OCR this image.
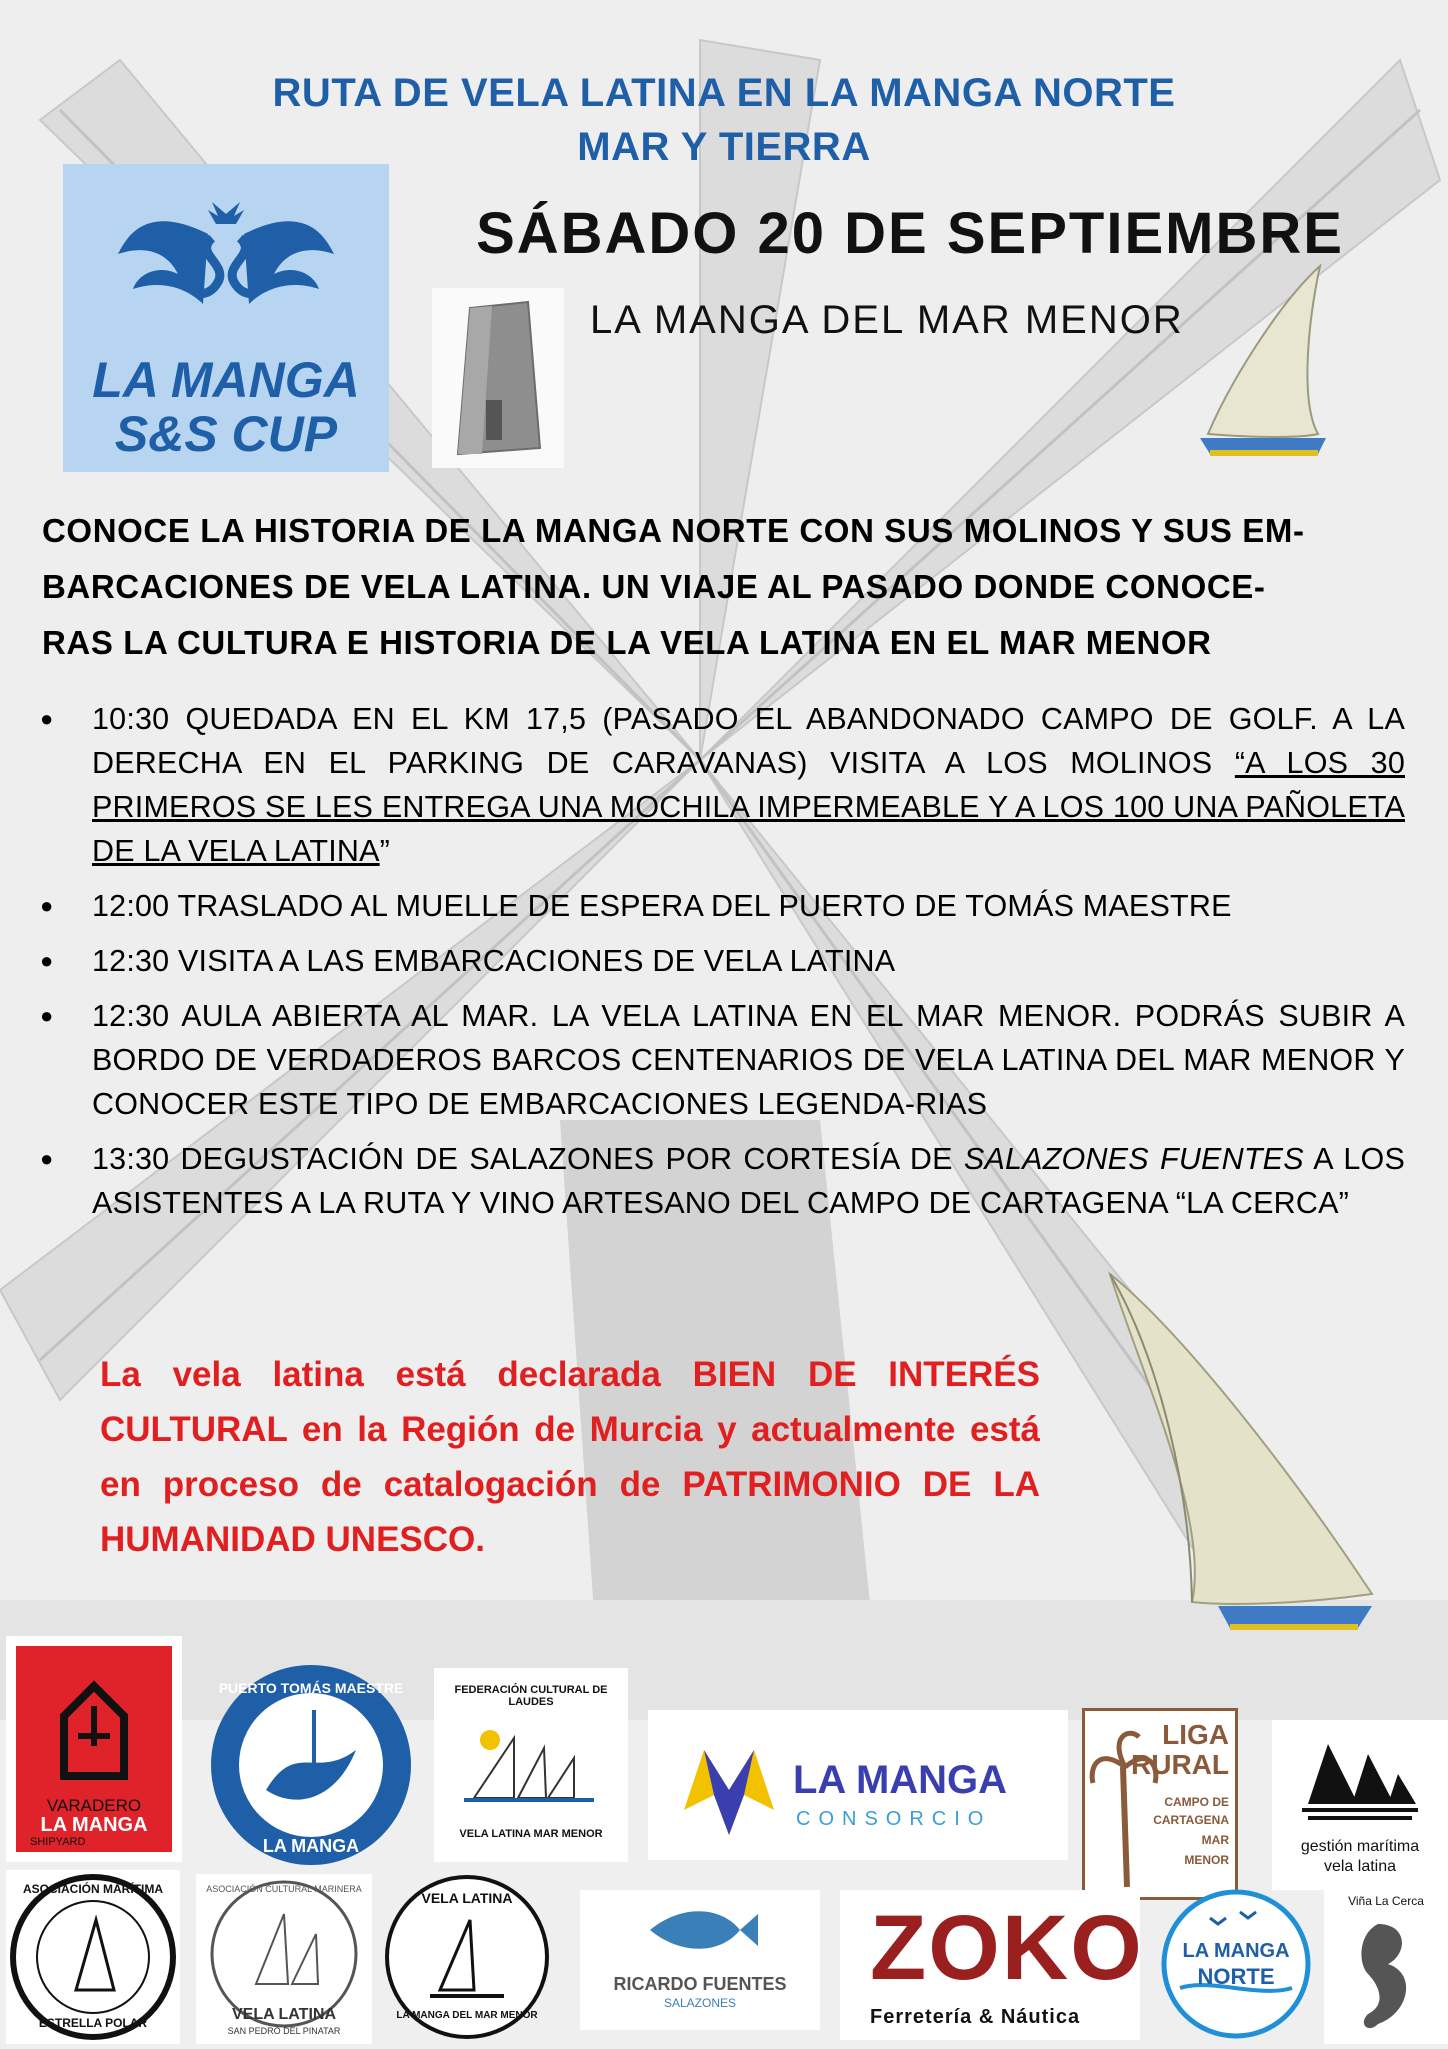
RUTA DE VELA LATINA EN LA MANGA NORTE
MAR Y TIERRA
LA MANGA
S&S CUP
SÁBADO 20 DE SEPTIEMBRE
LA MANGA DEL MAR MENOR
CONOCE LA HISTORIA DE LA MANGA NORTE CON SUS MOLINOS Y SUS EM-
BARCACIONES DE VELA LATINA. UN VIAJE AL PASADO DONDE CONOCE-
RAS LA CULTURA E HISTORIA DE LA VELA LATINA EN EL MAR MENOR
● 10:30 QUEDADA EN EL KM 17,5 (PASADO EL ABANDONADO CAMPO DE GOLF. A LA DERECHA EN EL PARKING DE CARAVANAS) VISITA A LOS MOLINOS “A LOS 30 PRIMEROS SE LES ENTREGA UNA MOCHILA IMPERMEABLE Y A LOS 100 UNA PAÑOLETA DE LA VELA LATINA”
● 12:00 TRASLADO AL MUELLE DE ESPERA DEL PUERTO DE TOMÁS MAESTRE
● 12:30 VISITA A LAS EMBARCACIONES DE VELA LATINA
● 12:30 AULA ABIERTA AL MAR. LA VELA LATINA EN EL MAR MENOR. PODRÁS SUBIR A BORDO DE VERDADEROS BARCOS CENTENARIOS DE VELA LATINA DEL MAR MENOR Y CONOCER ESTE TIPO DE EMBARCACIONES LEGENDA-RIAS
● 13:30 DEGUSTACIÓN DE SALAZONES POR CORTESÍA DE SALAZONES FUENTES A LOS ASISTENTES A LA RUTA Y VINO ARTESANO DEL CAMPO DE CARTAGENA “LA CERCA”
La vela latina está declarada BIEN DE INTERÉS CULTURAL en la Región de Murcia y actualmente está en proceso de catalogación de PATRIMONIO DE LA HUMANIDAD UNESCO.
VARADERO
LA MANGA
SHIPYARD
PUERTO TOMÁS MAESTRE
LA MANGA
FEDERACIÓN CULTURAL DE LAUDES
VELA LATINA MAR MENOR
LA MANGA
CONSORCIO
LIGA
RURAL
CAMPO DE
CARTAGENA
MAR
MENOR
gestión marítima
vela latina
ASOCIACIÓN MARÍTIMA
ESTRELLA POLAR
ASOCIACIÓN CULTURAL MARINERA
VELA LATINA
SAN PEDRO DEL PINATAR
VELA LATINA
LA MANGA DEL MAR MENOR
RICARDO FUENTES
SALAZONES
ZOKO
Ferretería & Náutica
LA MANGA
NORTE
Viña La Cerca
